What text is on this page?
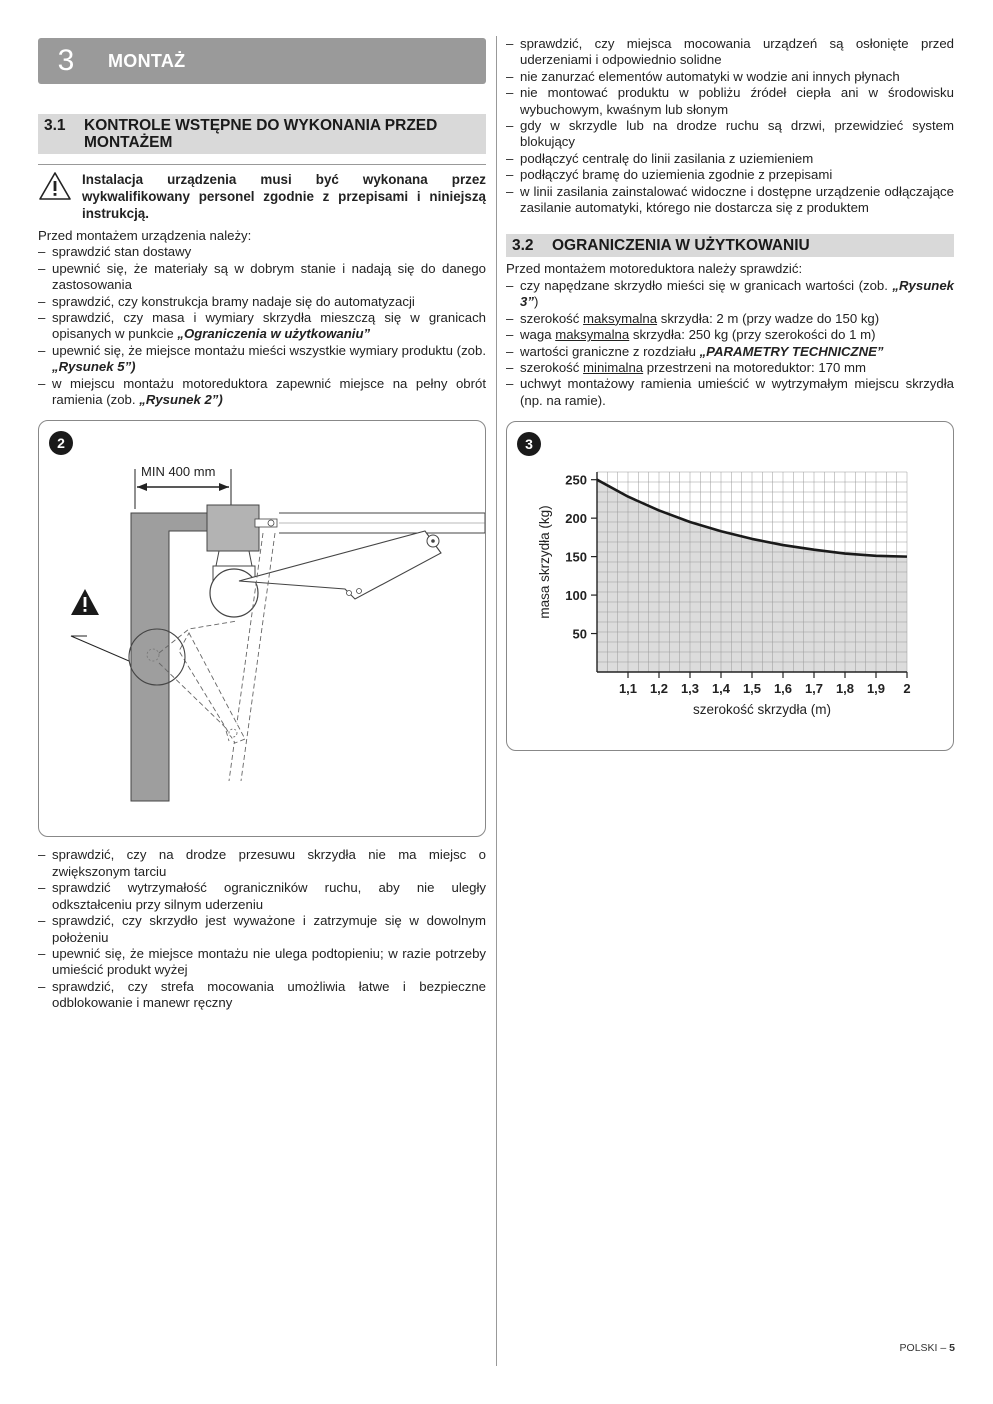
3	MONTAŻ
3.1	KONTROLE WSTĘPNE DO WYKONANIA PRZED MONTAŻEM
Instalacja urządzenia musi być wykonana przez wykwalifikowany personel zgodnie z przepisami i niniejszą instrukcją.

Przed montażem urządzenia należy:

– sprawdzić stan dostawy
– upewnić się, że materiały są w dobrym stanie i nadają się do danego zastosowania
– sprawdzić, czy konstrukcja bramy nadaje się do automatyzacji
– sprawdzić, czy masa i wymiary skrzydła mieszczą się w granicach opisanych w punkcie „Ograniczenia w użytkowaniu”
– upewnić się, że miejsce montażu mieści wszystkie wymiary produktu (zob. „Rysunek 5”)
– w miejscu montażu motoreduktora zapewnić miejsce na pełny obrót ramienia (zob. „Rysunek 2”)
2
MIN 400 mm
– sprawdzić, czy na drodze przesuwu skrzydła nie ma miejsc o zwiększonym tarciu
– sprawdzić wytrzymałość ograniczników ruchu, aby nie uległy odkształceniu przy silnym uderzeniu
– sprawdzić, czy skrzydło jest wyważone i zatrzymuje się w dowolnym położeniu
– upewnić się, że miejsce montażu nie ulega podtopieniu; w razie potrzeby umieścić produkt wyżej
– sprawdzić, czy strefa mocowania umożliwia łatwe i bezpieczne odblokowanie i manewr ręczny
– sprawdzić, czy miejsca mocowania urządzeń są osłonięte przed uderzeniami i odpowiednio solidne
– nie zanurzać elementów automatyki w wodzie ani innych płynach
– nie montować produktu w pobliżu źródeł ciepła ani w środowisku wybuchowym, kwaśnym lub słonym
– gdy w skrzydle lub na drodze ruchu są drzwi, przewidzieć system blokujący
– podłączyć centralę do linii zasilania z uziemieniem
– podłączyć bramę do uziemienia zgodnie z przepisami
– w linii zasilania zainstalować widoczne i dostępne urządzenie odłączające zasilanie automatyki, którego nie dostarcza się z produktem
3.2	OGRANICZENIA W UŻYTKOWANIU

Przed montażem motoreduktora należy sprawdzić:

– czy napędzane skrzydło mieści się w granicach wartości (zob. „Rysunek 3”)
– szerokość maksymalna skrzydła: 2 m (przy wadze do 150 kg)
– waga maksymalna skrzydła: 250 kg (przy szerokości do 1 m)
– wartości graniczne z rozdziału „PARAMETRY TECHNICZNE”
– szerokość minimalna przestrzeni na motoreduktor: 170 mm
– uchwyt montażowy ramienia umieścić w wytrzymałym miejscu skrzydła (np. na ramie).
3
50
100
150
200
250
1,1 1,2 1,3 1,4 1,5 1,6 1,7 1,8 1,9 2
szerokość skrzydła (m)
masa skrzydła (kg)
POLSKI – 5
